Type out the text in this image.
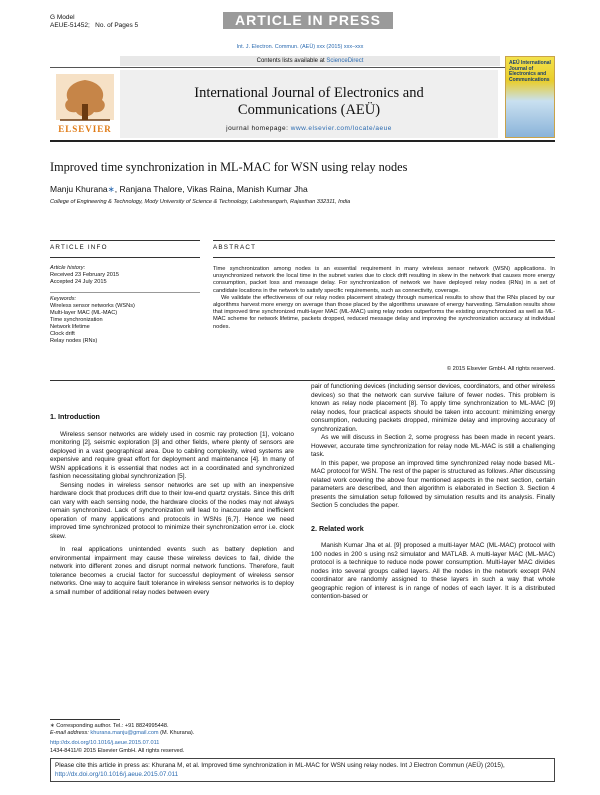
G Model
AEUE-51452; No. of Pages 5	ARTICLE IN PRESS
Int. J. Electron. Commun. (AEÜ) xxx (2015) xxx–xxx
Contents lists available at ScienceDirect
ELSEVIER
International Journal of Electronics and
Communications (AEÜ)
journal homepage: www.elsevier.com/locate/aeue
AEÜ International Journal of Electronics and Communications
Improved time synchronization in ML-MAC for WSN using relay nodes
Manju Khurana∗, Ranjana Thalore, Vikas Raina, Manish Kumar Jha
College of Engineering & Technology, Mody University of Science & Technology, Lakshmangarh, Rajasthan 332311, India
ARTICLE INFO	ABSTRACT
Article history:
Received 23 February 2015
Accepted 24 July 2015
Keywords:
Wireless sensor networks (WSNs)
Multi-layer MAC (ML-MAC)
Time synchronization
Network lifetime
Clock drift
Relay nodes (RNs)

Time synchronization among nodes is an essential requirement in many wireless sensor network (WSN) applications. In unsynchronized network the local time in the subnet varies due to clock drift resulting in skew in the network that causes more energy consumption, packet loss and message delay. For synchronization of network we have deployed relay nodes (RNs) in a set of candidate locations in the network to satisfy specific requirements, such as connectivity, coverage.

We validate the effectiveness of our relay nodes placement strategy through numerical results to show that the RNs placed by our algorithms harvest more energy on average than those placed by the algorithms unaware of energy harvesting. Simulation results show that improved time synchronized multi-layer MAC (ML-MAC) using relay nodes outperforms the existing unsynchronized as well as ML-MAC scheme for network lifetime, packets dropped, reduced message delay and improving the synchronization accuracy at individual nodes.

© 2015 Elsevier GmbH. All rights reserved.
1. Introduction

Wireless sensor networks are widely used in cosmic ray protection [1], volcano monitoring [2], seismic exploration [3] and other fields, where plenty of sensors are deployed in a vast geographical area. Due to cabling complexity, wired systems are expensive and require great effort for deployment and maintenance [4]. In many of WSN applications it is essential that nodes act in a coordinated and synchronized fashion necessitating global synchronization [5].

Sensing nodes in wireless sensor networks are set up with an inexpensive hardware clock that produces drift due to their low-end quartz crystals. Since this drift can vary with each sensing node, the hardware clocks of the nodes may not always remain synchronized. Lack of synchronization will lead to inaccurate and inefficient operation of many applications and protocols in WSNs [6,7]. Hence we need improved time synchronized protocol to minimize their synchronization error i.e. clock skew.

In real applications unintended events such as battery depletion and environmental impairment may cause these wireless devices to fail, divide the network into different zones and disrupt normal network functions. Therefore, fault tolerance becomes a crucial factor for successful deployment of wireless sensor networks. One way to acquire fault tolerance in wireless sensor networks is to deploy a small number of additional relay nodes between every

pair of functioning devices (including sensor devices, coordinators, and other wireless devices) so that the network can survive failure of fewer nodes. This problem is known as relay node placement [8]. To apply time synchronization to ML-MAC [9] relay nodes, four practical aspects should be taken into account: minimizing energy consumption, reducing packets dropped, minimize delay and improving accuracy of synchronization.

As we will discuss in Section 2, some progress has been made in recent years. However, accurate time synchronization for relay node ML-MAC is still a challenging task.

In this paper, we propose an improved time synchronized relay node based ML-MAC protocol for WSN. The rest of the paper is structured as follows. After discussing related work covering the above four mentioned aspects in the next section, certain parameters are described, and then algorithm is elaborated in Section 3. Section 4 presents the simulation setup followed by simulation results and its analysis. Finally Section 5 concludes the paper.

2. Related work

Manish Kumar Jha et al. [9] proposed a multi-layer MAC (ML-MAC) protocol with 100 nodes in 200 s using ns2 simulator and MATLAB. A multi-layer MAC (ML-MAC) protocol is a technique to reduce node power consumption. Multi-layer MAC divides nodes into several groups called layers. All the nodes in the network except PAN coordinator are randomly assigned to these layers in such a way that whole geographic region of interest is in range of nodes of each layer. It is a distributed contention-based or

∗ Corresponding author. Tel.: +91 8824995448.
E-mail address: khurana.manju@gmail.com (M. Khurana).
http://dx.doi.org/10.1016/j.aeue.2015.07.011
1434-8411/© 2015 Elsevier GmbH. All rights reserved.
Please cite this article in press as: Khurana M, et al. Improved time synchronization in ML-MAC for WSN using relay nodes. Int J Electron Commun (AEÜ) (2015), http://dx.doi.org/10.1016/j.aeue.2015.07.011
